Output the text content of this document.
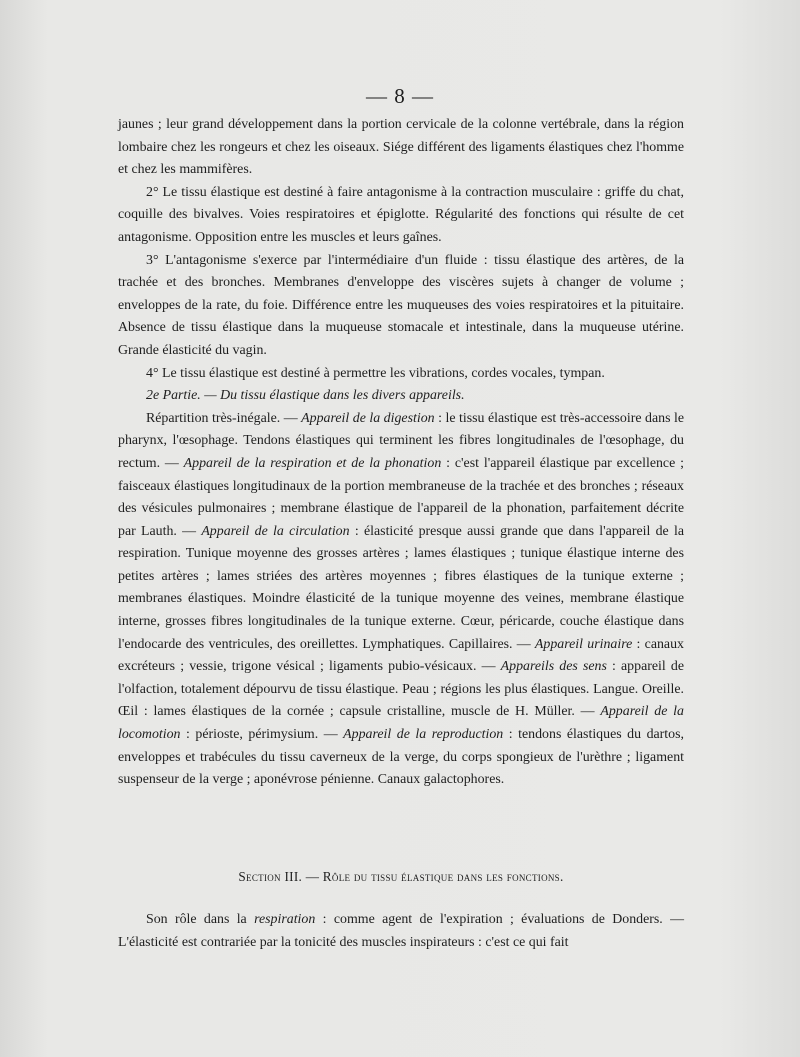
— 8 —

jaunes ; leur grand développement dans la portion cervicale de la colonne vertébrale, dans la région lombaire chez les rongeurs et chez les oiseaux. Siége différent des ligaments élastiques chez l'homme et chez les mammifères.

2° Le tissu élastique est destiné à faire antagonisme à la contraction musculaire : griffe du chat, coquille des bivalves. Voies respiratoires et épiglotte. Régularité des fonctions qui résulte de cet antagonisme. Opposition entre les muscles et leurs gaînes.

3° L'antagonisme s'exerce par l'intermédiaire d'un fluide : tissu élastique des artères, de la trachée et des bronches. Membranes d'enveloppe des viscères sujets à changer de volume ; enveloppes de la rate, du foie. Différence entre les muqueuses des voies respiratoires et la pituitaire. Absence de tissu élastique dans la muqueuse stomacale et intestinale, dans la muqueuse utérine. Grande élasticité du vagin.

4° Le tissu élastique est destiné à permettre les vibrations, cordes vocales, tympan.

2e Partie. — Du tissu élastique dans les divers appareils.

Répartition très-inégale. — Appareil de la digestion : le tissu élastique est très-accessoire dans le pharynx, l'œsophage. Tendons élastiques qui terminent les fibres longitudinales de l'œsophage, du rectum. — Appareil de la respiration et de la phonation : c'est l'appareil élastique par excellence ; faisceaux élastiques longitudinaux de la portion membraneuse de la trachée et des bronches ; réseaux des vésicules pulmonaires ; membrane élastique de l'appareil de la phonation, parfaitement décrite par Lauth. — Appareil de la circulation : élasticité presque aussi grande que dans l'appareil de la respiration. Tunique moyenne des grosses artères ; lames élastiques ; tunique élastique interne des petites artères ; lames striées des artères moyennes ; fibres élastiques de la tunique externe ; membranes élastiques. Moindre élasticité de la tunique moyenne des veines, membrane élastique interne, grosses fibres longitudinales de la tunique externe. Cœur, péricarde, couche élastique dans l'endocarde des ventricules, des oreillettes. Lymphatiques. Capillaires. — Appareil urinaire : canaux excréteurs ; vessie, trigone vésical ; ligaments pubio-vésicaux. — Appareils des sens : appareil de l'olfaction, totalement dépourvu de tissu élastique. Peau ; régions les plus élastiques. Langue. Oreille. Œil : lames élastiques de la cornée ; capsule cristalline, muscle de H. Müller. — Appareil de la locomotion : périoste, périmysium. — Appareil de la reproduction : tendons élastiques du dartos, enveloppes et trabécules du tissu caverneux de la verge, du corps spongieux de l'urèthre ; ligament suspenseur de la verge ; aponévrose pénienne. Canaux galactophores.

Section III. — Rôle du tissu élastique dans les fonctions.

Son rôle dans la respiration : comme agent de l'expiration ; évaluations de Donders. — L'élasticité est contrariée par la tonicité des muscles inspirateurs : c'est ce qui fait
